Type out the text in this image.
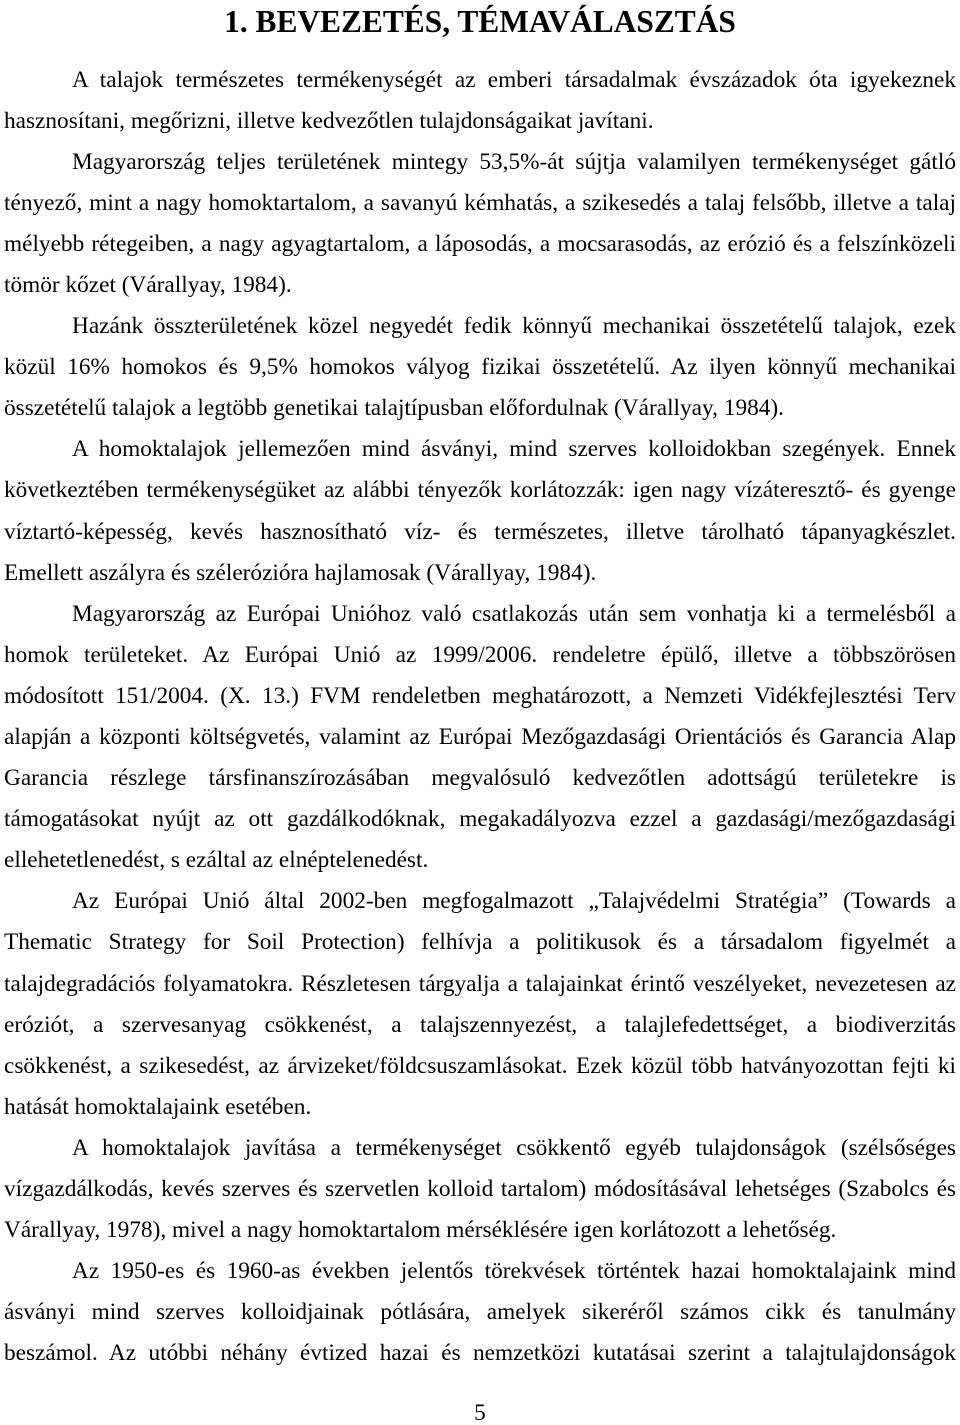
1. BEVEZETÉS, TÉMAVÁLASZTÁS
A talajok természetes termékenységét az emberi társadalmak évszázadok óta igyekeznek
hasznosítani, megőrizni, illetve kedvezőtlen tulajdonságaikat javítani.
Magyarország teljes területének mintegy 53,5%-át sújtja valamilyen termékenységet gátló
tényező, mint a nagy homoktartalom, a savanyú kémhatás, a szikesedés a talaj felsőbb, illetve a talaj
mélyebb rétegeiben, a nagy agyagtartalom, a láposodás, a mocsarasodás, az erózió és a felszínközeli
tömör kőzet (Várallyay, 1984).
Hazánk összterületének közel negyedét fedik könnyű mechanikai összetételű talajok, ezek
közül 16% homokos és 9,5% homokos vályog fizikai összetételű. Az ilyen könnyű mechanikai
összetételű talajok a legtöbb genetikai talajtípusban előfordulnak (Várallyay, 1984).
A homoktalajok jellemezően mind ásványi, mind szerves kolloidokban szegények. Ennek
következtében termékenységüket az alábbi tényezők korlátozzák: igen nagy vízáteresztő- és gyenge
víztartó-képesség, kevés hasznosítható víz- és természetes, illetve tárolható tápanyagkészlet.
Emellett aszályra és szélerózióra hajlamosak (Várallyay, 1984).
Magyarország az Európai Unióhoz való csatlakozás után sem vonhatja ki a termelésből a
homok területeket. Az Európai Unió az 1999/2006. rendeletre épülő, illetve a többszörösen
módosított 151/2004. (X. 13.) FVM rendeletben meghatározott, a Nemzeti Vidékfejlesztési Terv
alapján a központi költségvetés, valamint az Európai Mezőgazdasági Orientációs és Garancia Alap
Garancia részlege társfinanszírozásában megvalósuló kedvezőtlen adottságú területekre is
támogatásokat nyújt az ott gazdálkodóknak, megakadályozva ezzel a gazdasági/mezőgazdasági
ellehetetlenedést, s ezáltal az elnéptelenedést.
Az Európai Unió által 2002-ben megfogalmazott „Talajvédelmi Stratégia” (Towards a
Thematic Strategy for Soil Protection) felhívja a politikusok és a társadalom figyelmét a
talajdegradációs folyamatokra. Részletesen tárgyalja a talajainkat érintő veszélyeket, nevezetesen az
eróziót, a szervesanyag csökkenést, a talajszennyezést, a talajlefedettséget, a biodiverzitás
csökkenést, a szikesedést, az árvizeket/földcsuszamlásokat. Ezek közül több hatványozottan fejti ki
hatását homoktalajaink esetében.
A homoktalajok javítása a termékenységet csökkentő egyéb tulajdonságok (szélsőséges
vízgazdálkodás, kevés szerves és szervetlen kolloid tartalom) módosításával lehetséges (Szabolcs és
Várallyay, 1978), mivel a nagy homoktartalom mérséklésére igen korlátozott a lehetőség.
Az 1950-es és 1960-as években jelentős törekvések történtek hazai homoktalajaink mind
ásványi mind szerves kolloidjainak pótlására, amelyek sikeréről számos cikk és tanulmány
beszámol. Az utóbbi néhány évtized hazai és nemzetközi kutatásai szerint a talajtulajdonságok
5
